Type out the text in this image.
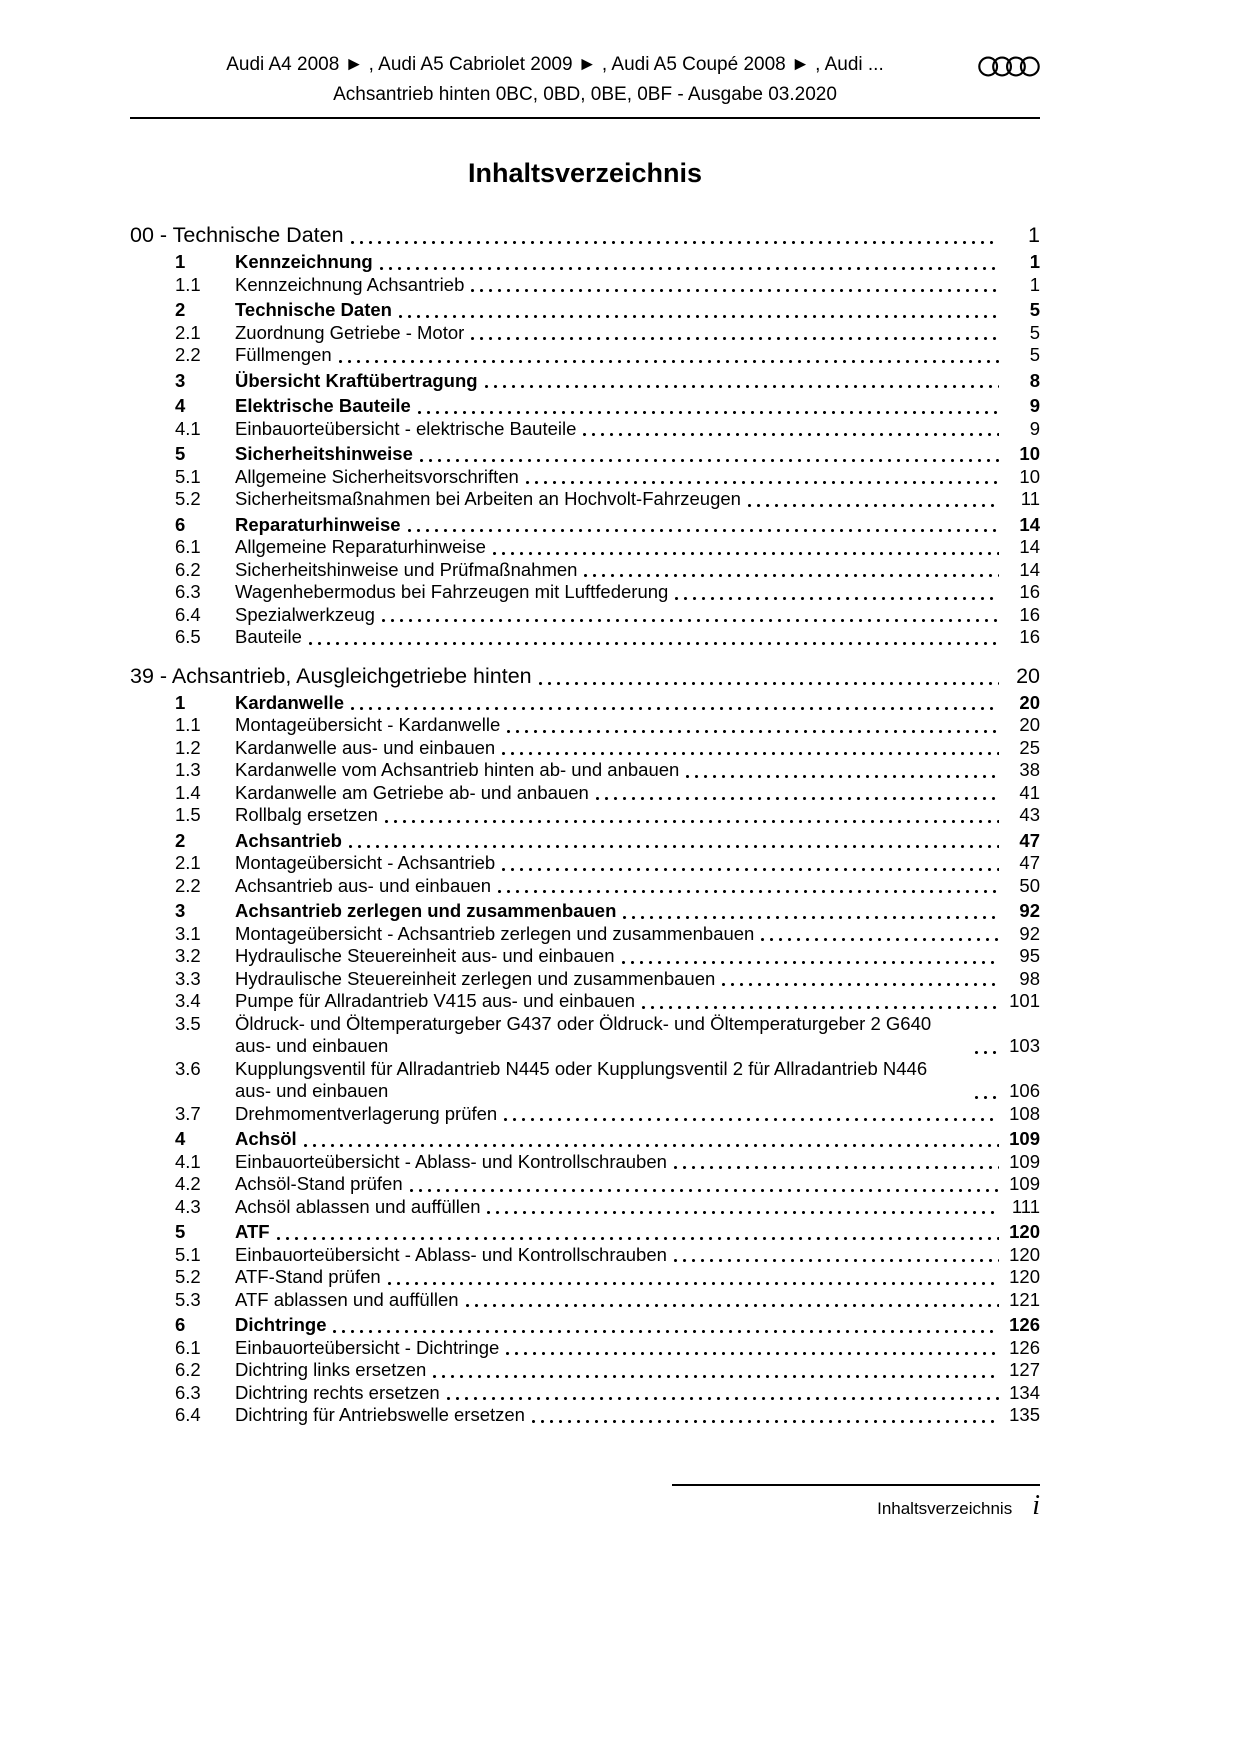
Audi A4 2008 ► , Audi A5 Cabriolet 2009 ► , Audi A5 Coupé 2008 ► , Audi ...
Achsantrieb hinten 0BC, 0BD, 0BE, 0BF - Ausgabe 03.2020
Inhaltsverzeichnis
00 - Technische Daten	1
1	Kennzeichnung	1
1.1	Kennzeichnung Achsantrieb	1
2	Technische Daten	5
2.1	Zuordnung Getriebe - Motor	5
2.2	Füllmengen	5
3	Übersicht Kraftübertragung	8
4	Elektrische Bauteile	9
4.1	Einbauorteübersicht - elektrische Bauteile	9
5	Sicherheitshinweise	10
5.1	Allgemeine Sicherheitsvorschriften	10
5.2	Sicherheitsmaßnahmen bei Arbeiten an Hochvolt-Fahrzeugen	11
6	Reparaturhinweise	14
6.1	Allgemeine Reparaturhinweise	14
6.2	Sicherheitshinweise und Prüfmaßnahmen	14
6.3	Wagenhebermodus bei Fahrzeugen mit Luftfederung	16
6.4	Spezialwerkzeug	16
6.5	Bauteile	16
39 - Achsantrieb, Ausgleichgetriebe hinten	20
1	Kardanwelle	20
1.1	Montageübersicht - Kardanwelle	20
1.2	Kardanwelle aus- und einbauen	25
1.3	Kardanwelle vom Achsantrieb hinten ab- und anbauen	38
1.4	Kardanwelle am Getriebe ab- und anbauen	41
1.5	Rollbalg ersetzen	43
2	Achsantrieb	47
2.1	Montageübersicht - Achsantrieb	47
2.2	Achsantrieb aus- und einbauen	50
3	Achsantrieb zerlegen und zusammenbauen	92
3.1	Montageübersicht - Achsantrieb zerlegen und zusammenbauen	92
3.2	Hydraulische Steuereinheit aus- und einbauen	95
3.3	Hydraulische Steuereinheit zerlegen und zusammenbauen	98
3.4	Pumpe für Allradantrieb V415 aus- und einbauen	101
3.5	Öldruck- und Öltemperaturgeber G437 oder Öldruck- und Öltemperaturgeber 2 G640 aus- und einbauen	103
3.6	Kupplungsventil für Allradantrieb N445 oder Kupplungsventil 2 für Allradantrieb N446 aus- und einbauen	106
3.7	Drehmomentverlagerung prüfen	108
4	Achsöl	109
4.1	Einbauorteübersicht - Ablass- und Kontrollschrauben	109
4.2	Achsöl-Stand prüfen	109
4.3	Achsöl ablassen und auffüllen	111
5	ATF	120
5.1	Einbauorteübersicht - Ablass- und Kontrollschrauben	120
5.2	ATF-Stand prüfen	120
5.3	ATF ablassen und auffüllen	121
6	Dichtringe	126
6.1	Einbauorteübersicht - Dichtringe	126
6.2	Dichtring links ersetzen	127
6.3	Dichtring rechts ersetzen	134
6.4	Dichtring für Antriebswelle ersetzen	135
Inhaltsverzeichnis i
